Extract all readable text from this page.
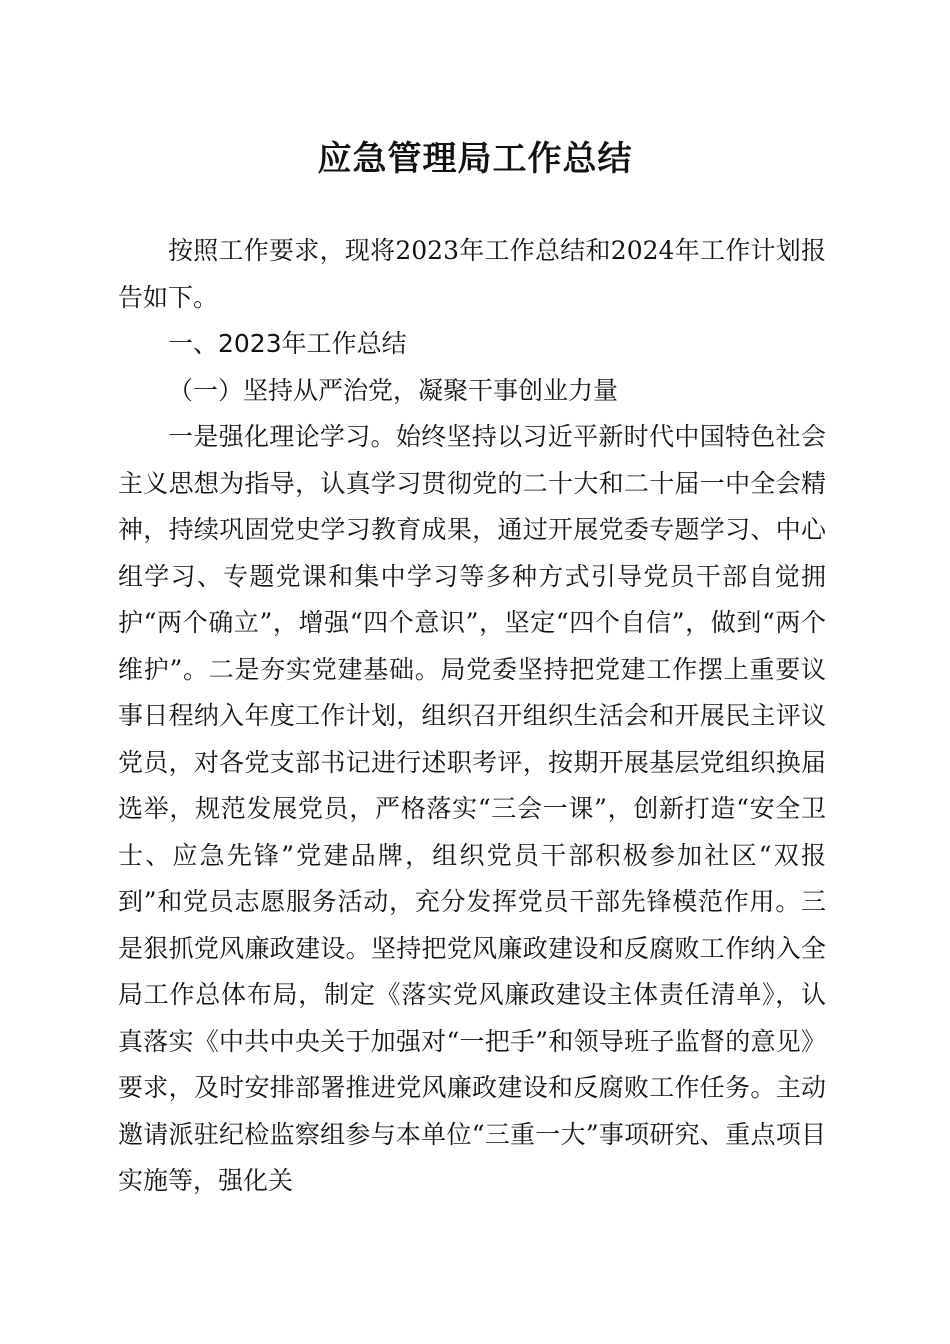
应急管理局工作总结

按照工作要求，现将2023年工作总结和2024年工作计划报告如下。

一、2023年工作总结

（一）坚持从严治党，凝聚干事创业力量

一是强化理论学习。始终坚持以习近平新时代中国特色社会主义思想为指导，认真学习贯彻党的二十大和二十届一中全会精神，持续巩固党史学习教育成果，通过开展党委专题学习、中心组学习、专题党课和集中学习等多种方式引导党员干部自觉拥护“两个确立”，增强“四个意识”，坚定“四个自信”，做到“两个维护”。二是夯实党建基础。局党委坚持把党建工作摆上重要议事日程纳入年度工作计划，组织召开组织生活会和开展民主评议党员，对各党支部书记进行述职考评，按期开展基层党组织换届选举，规范发展党员，严格落实“三会一课”，创新打造“安全卫士、应急先锋”党建品牌，组织党员干部积极参加社区“双报到”和党员志愿服务活动，充分发挥党员干部先锋模范作用。三是狠抓党风廉政建设。坚持把党风廉政建设和反腐败工作纳入全局工作总体布局，制定《落实党风廉政建设主体责任清单》，认真落实《中共中央关于加强对“一把手”和领导班子监督的意见》要求，及时安排部署推进党风廉政建设和反腐败工作任务。主动邀请派驻纪检监察组参与本单位“三重一大”事项研究、重点项目实施等，强化关
